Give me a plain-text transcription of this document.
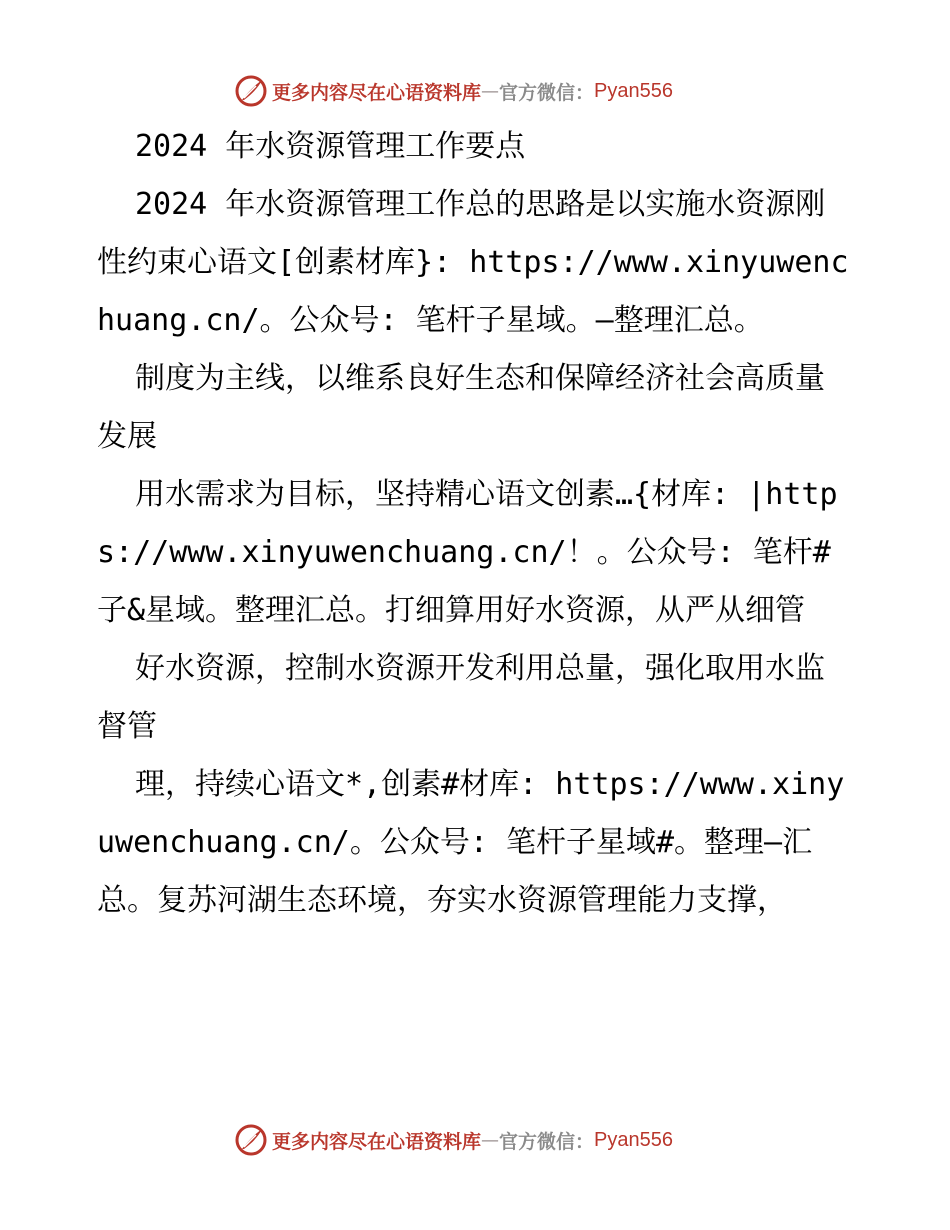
更多内容尽在心语资料库 — 官方微信： Pyan556

2024 年水资源管理工作要点

2024 年水资源管理工作总的思路是以实施水资源刚性约束心语文[创素材库}: https://www.xinyuwenchuang.cn/。公众号: 笔杆子星域。—整理汇总。

制度为主线，以维系良好生态和保障经济社会高质量发展

用水需求为目标，坚持精心语文创素…{材库: |https://www.xinyuwenchuang.cn/！。公众号: 笔杆#子&星域。整理汇总。打细算用好水资源，从严从细管

好水资源，控制水资源开发利用总量，强化取用水监督管

理，持续心语文*,创素#材库: https://www.xinyuwenchuang.cn/。公众号: 笔杆子星域#。整理—汇总。复苏河湖生态环境，夯实水资源管理能力支撑，

更多内容尽在心语资料库 — 官方微信： Pyan556
